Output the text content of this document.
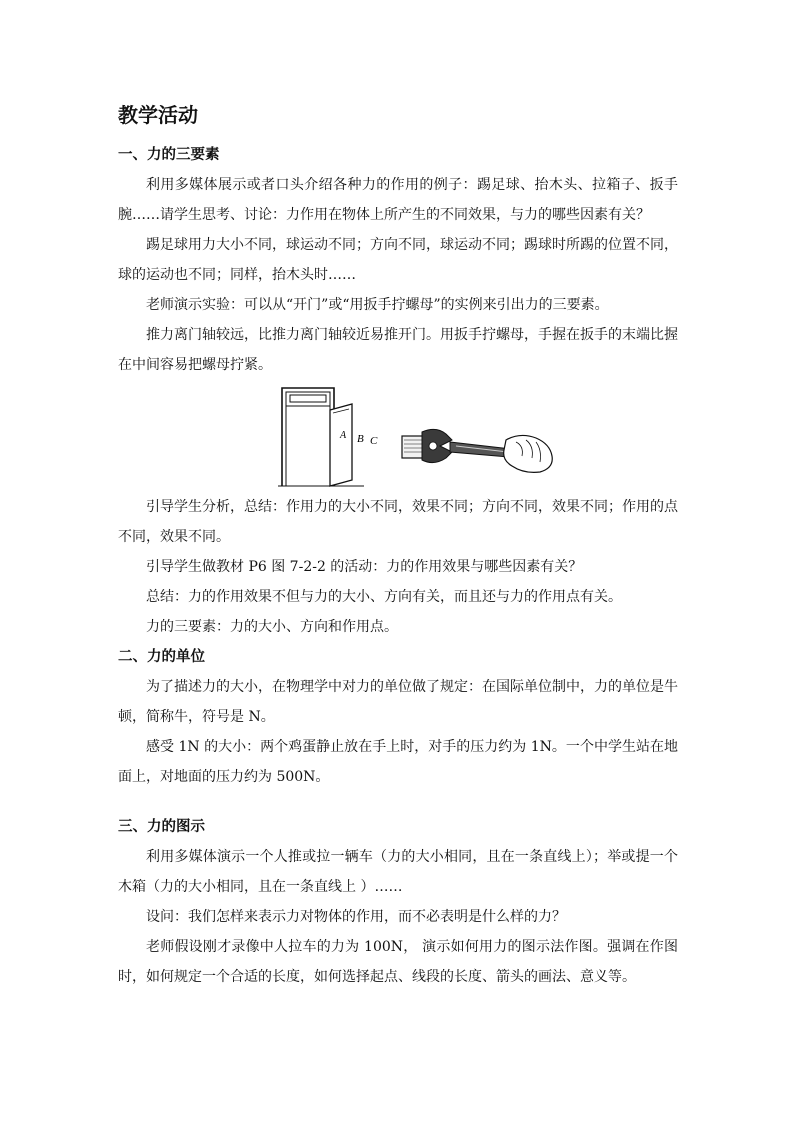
教学活动
一、力的三要素

利用多媒体展示或者口头介绍各种力的作用的例子：踢足球、抬木头、拉箱子、扳手腕……请学生思考、讨论：力作用在物体上所产生的不同效果，与力的哪些因素有关？

踢足球用力大小不同，球运动不同；方向不同，球运动不同；踢球时所踢的位置不同，球的运动也不同；同样，抬木头时……

老师演示实验：可以从“开门”或“用扳手拧螺母”的实例来引出力的三要素。

推力离门轴较远，比推力离门轴较近易推开门。用扳手拧螺母，手握在扳手的末端比握在中间容易把螺母拧紧。

A B C

引导学生分析，总结：作用力的大小不同，效果不同；方向不同，效果不同；作用的点不同，效果不同。

引导学生做教材 P6 图 7-2-2 的活动：力的作用效果与哪些因素有关？

总结：力的作用效果不但与力的大小、方向有关，而且还与力的作用点有关。

力的三要素：力的大小、方向和作用点。

二、力的单位

为了描述力的大小，在物理学中对力的单位做了规定：在国际单位制中，力的单位是牛顿，简称牛，符号是 N。

感受 1N 的大小：两个鸡蛋静止放在手上时，对手的压力约为 1N。一个中学生站在地面上，对地面的压力约为 500N。

三、力的图示

利用多媒体演示一个人推或拉一辆车（力的大小相同，且在一条直线上）；举或提一个木箱（力的大小相同，且在一条直线上 ）……

设问：我们怎样来表示力对物体的作用，而不必表明是什么样的力？

老师假设刚才录像中人拉车的力为 100N， 演示如何用力的图示法作图。强调在作图时，如何规定一个合适的长度，如何选择起点、线段的长度、箭头的画法、意义等。
